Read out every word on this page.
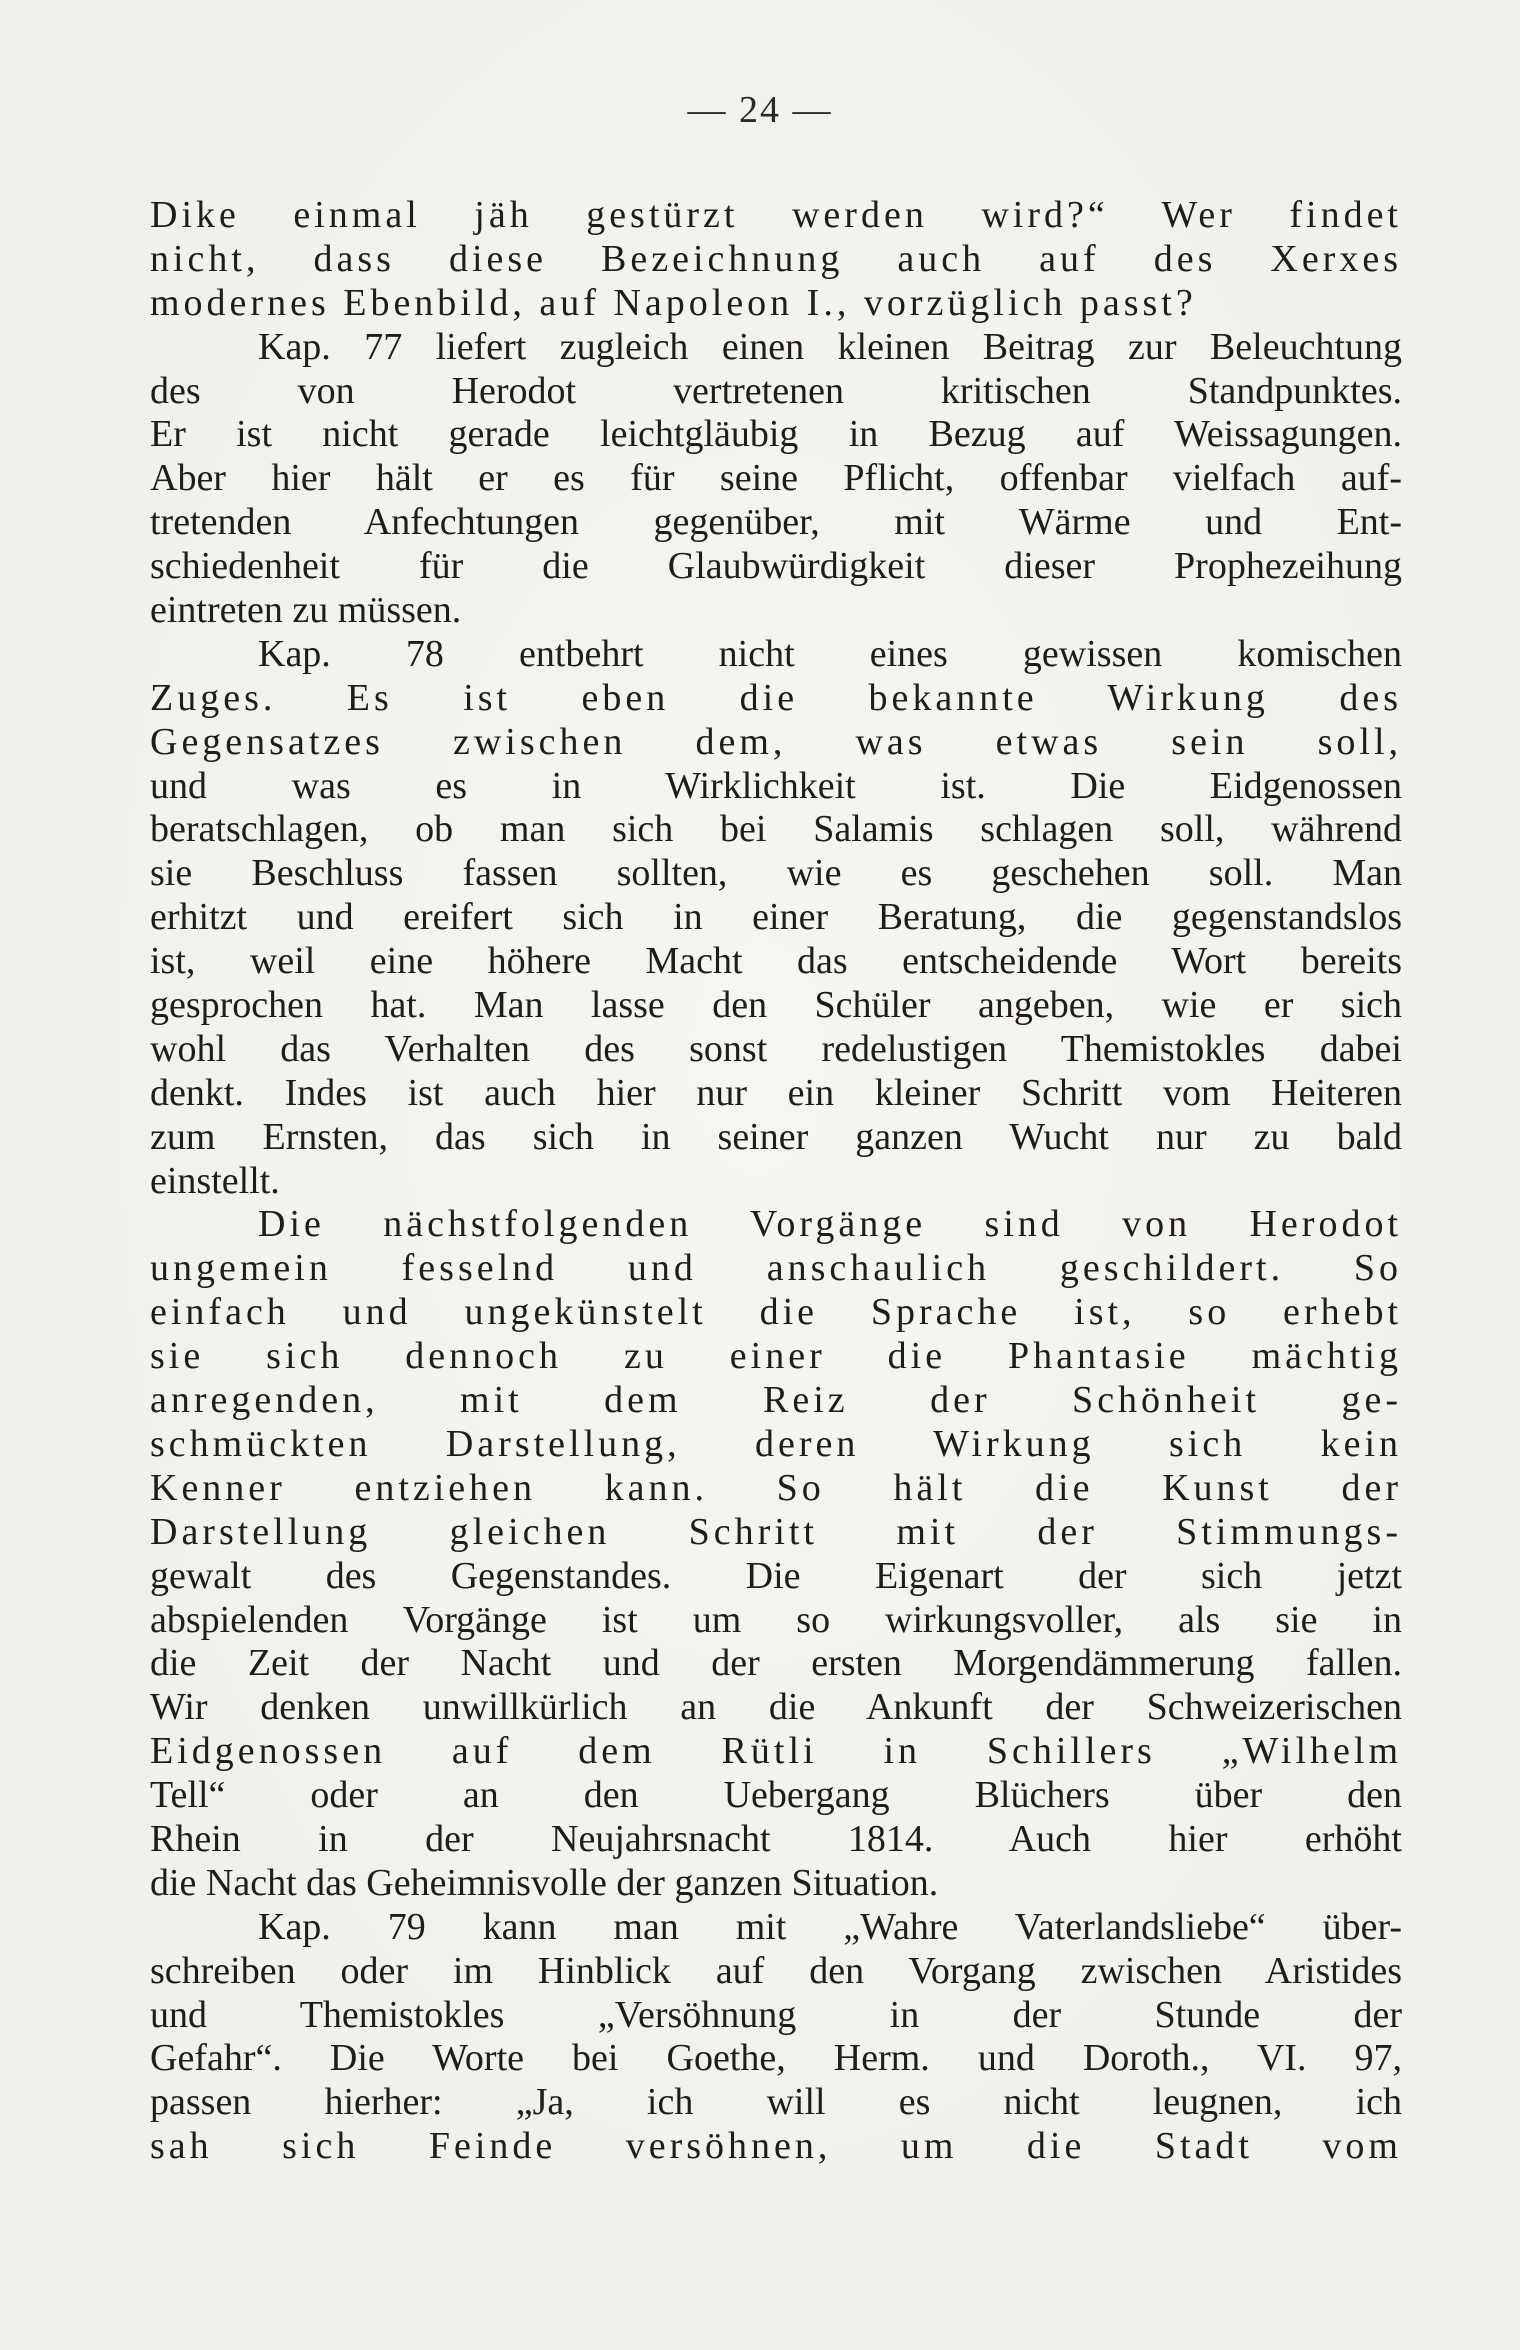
— 24 —
Dike einmal jäh gestürzt werden wird?“ Wer findet
nicht, dass diese Bezeichnung auch auf des Xerxes
modernes Ebenbild, auf Napoleon I., vorzüglich passt?
Kap. 77 liefert zugleich einen kleinen Beitrag zur Beleuchtung
des von Herodot vertretenen kritischen Standpunktes.
Er ist nicht gerade leichtgläubig in Bezug auf Weissagungen.
Aber hier hält er es für seine Pflicht, offenbar vielfach auf-
tretenden Anfechtungen gegenüber, mit Wärme und Ent-
schiedenheit für die Glaubwürdigkeit dieser Prophezeihung
eintreten zu müssen.
Kap. 78 entbehrt nicht eines gewissen komischen
Zuges. Es ist eben die bekannte Wirkung des
Gegensatzes zwischen dem, was etwas sein soll,
und was es in Wirklichkeit ist. Die Eidgenossen
beratschlagen, ob man sich bei Salamis schlagen soll, während
sie Beschluss fassen sollten, wie es geschehen soll. Man
erhitzt und ereifert sich in einer Beratung, die gegenstandslos
ist, weil eine höhere Macht das entscheidende Wort bereits
gesprochen hat. Man lasse den Schüler angeben, wie er sich
wohl das Verhalten des sonst redelustigen Themistokles dabei
denkt. Indes ist auch hier nur ein kleiner Schritt vom Heiteren
zum Ernsten, das sich in seiner ganzen Wucht nur zu bald
einstellt.
Die nächstfolgenden Vorgänge sind von Herodot
ungemein fesselnd und anschaulich geschildert. So
einfach und ungekünstelt die Sprache ist, so erhebt
sie sich dennoch zu einer die Phantasie mächtig
anregenden, mit dem Reiz der Schönheit ge-
schmückten Darstellung, deren Wirkung sich kein
Kenner entziehen kann. So hält die Kunst der
Darstellung gleichen Schritt mit der Stimmungs-
gewalt des Gegenstandes. Die Eigenart der sich jetzt
abspielenden Vorgänge ist um so wirkungsvoller, als sie in
die Zeit der Nacht und der ersten Morgendämmerung fallen.
Wir denken unwillkürlich an die Ankunft der Schweizerischen
Eidgenossen auf dem Rütli in Schillers „Wilhelm
Tell“ oder an den Uebergang Blüchers über den
Rhein in der Neujahrsnacht 1814. Auch hier erhöht
die Nacht das Geheimnisvolle der ganzen Situation.
Kap. 79 kann man mit „Wahre Vaterlandsliebe“ über-
schreiben oder im Hinblick auf den Vorgang zwischen Aristides
und Themistokles „Versöhnung in der Stunde der
Gefahr“. Die Worte bei Goethe, Herm. und Doroth., VI. 97,
passen hierher: „Ja, ich will es nicht leugnen, ich
sah sich Feinde versöhnen, um die Stadt vom
